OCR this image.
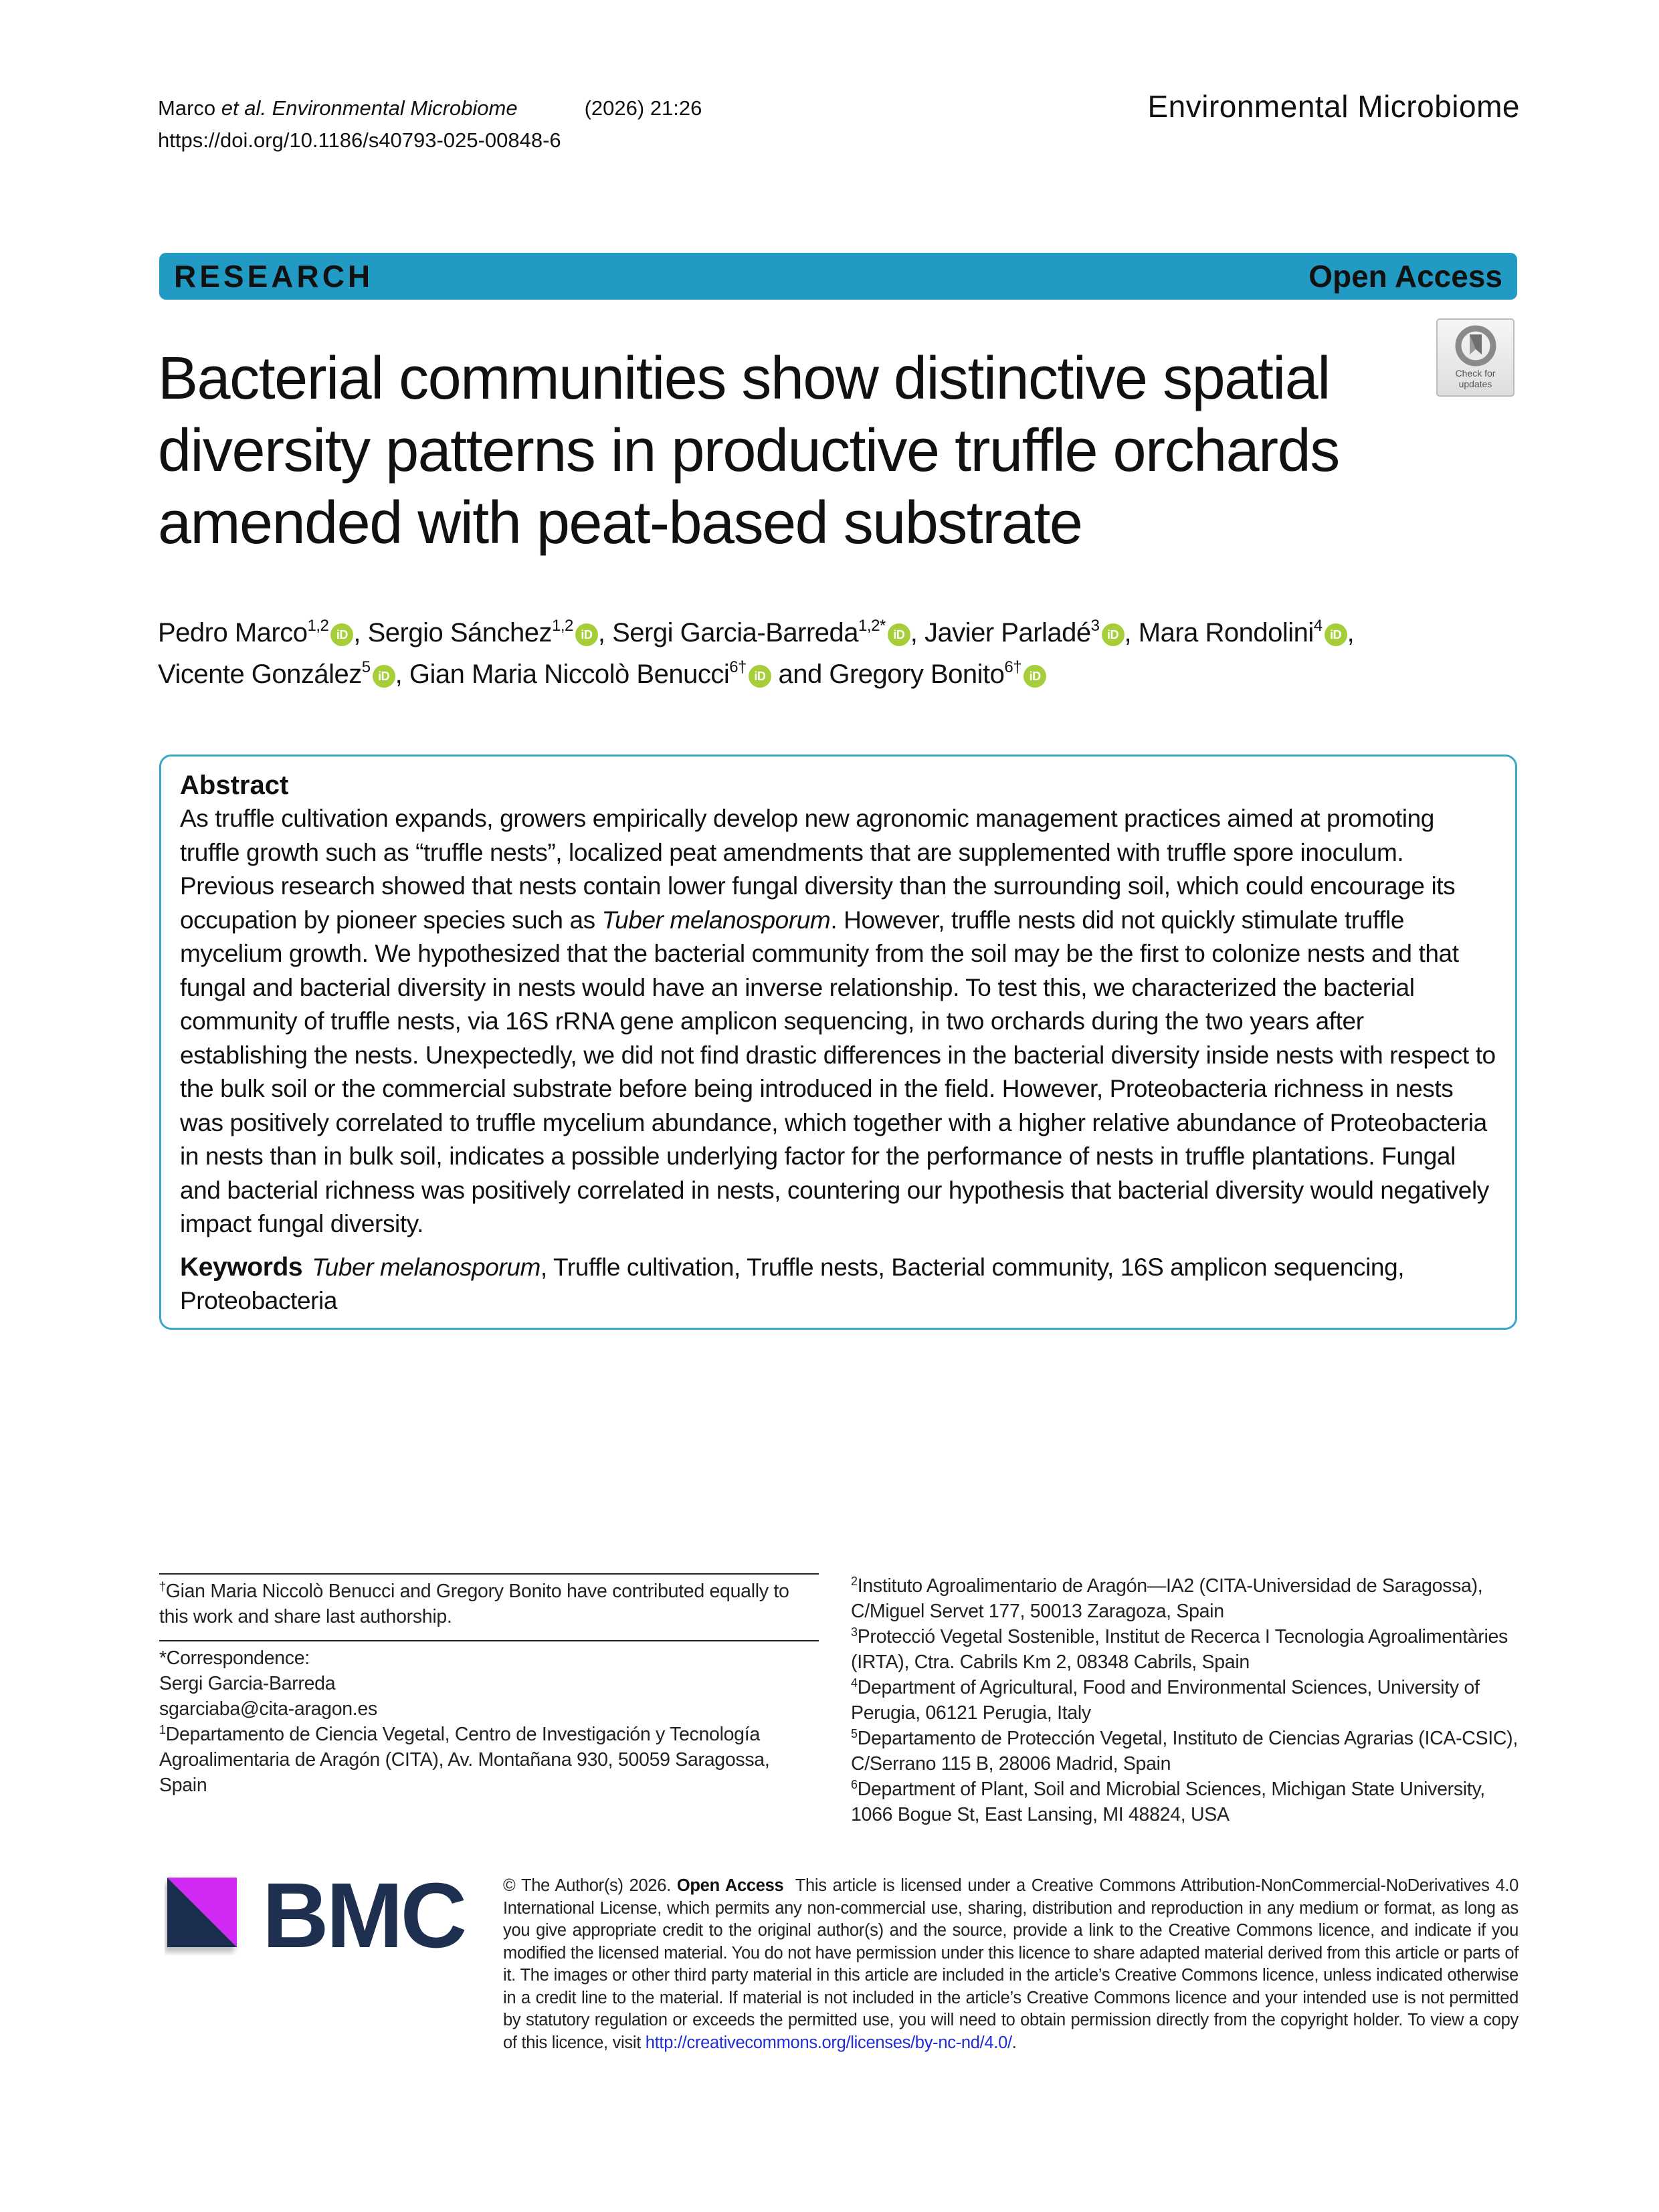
Marco et al. Environmental Microbiome	(2026) 21:26
https://doi.org/10.1186/s40793-025-00848-6
Environmental Microbiome
RESEARCH	Open Access
Check for
updates
Bacterial communities show distinctive spatial diversity patterns in productive truffle orchards amended with peat-based substrate
Pedro Marco$^{1,2}$ iD , Sergio Sánchez$^{1,2}$ iD , Sergi Garcia-Barreda$^{1,2*}$ iD , Javier Parladé$^3$ iD , Mara Rondolini$^4$ iD ,
Vicente González$^5$ iD , Gian Maria Niccolò Benucci$^{6\dagger}$ iD and Gregory Bonito$^{6\dagger}$ iD
Abstract

As truffle cultivation expands, growers empirically develop new agronomic management practices aimed at promoting truffle growth such as “truffle nests”, localized peat amendments that are supplemented with truffle spore inoculum. Previous research showed that nests contain lower fungal diversity than the surrounding soil, which could encourage its occupation by pioneer species such as Tuber melanosporum. However, truffle nests did not quickly stimulate truffle mycelium growth. We hypothesized that the bacterial community from the soil may be the first to colonize nests and that fungal and bacterial diversity in nests would have an inverse relationship. To test this, we characterized the bacterial community of truffle nests, via 16S rRNA gene amplicon sequencing, in two orchards during the two years after establishing the nests. Unexpectedly, we did not find drastic differences in the bacterial diversity inside nests with respect to the bulk soil or the commercial substrate before being introduced in the field. However, Proteobacteria richness in nests was positively correlated to truffle mycelium abundance, which together with a higher relative abundance of Proteobacteria in nests than in bulk soil, indicates a possible underlying factor for the performance of nests in truffle plantations. Fungal and bacterial richness was positively correlated in nests, countering our hypothesis that bacterial diversity would negatively impact fungal diversity.

Keywords Tuber melanosporum, Truffle cultivation, Truffle nests, Bacterial community, 16S amplicon sequencing, Proteobacteria
†Gian Maria Niccolò Benucci and Gregory Bonito have contributed equally to this work and share last authorship.
*Correspondence:
Sergi Garcia-Barreda
sgarciaba@cita-aragon.es
$^1$Departamento de Ciencia Vegetal, Centro de Investigación y Tecnología Agroalimentaria de Aragón (CITA), Av. Montañana 930, 50059 Saragossa, Spain
$^2$Instituto Agroalimentario de Aragón—IA2 (CITA-Universidad de Saragossa), C/Miguel Servet 177, 50013 Zaragoza, Spain
$^3$Protecció Vegetal Sostenible, Institut de Recerca I Tecnologia Agroalimentàries (IRTA), Ctra. Cabrils Km 2, 08348 Cabrils, Spain
$^4$Department of Agricultural, Food and Environmental Sciences, University of Perugia, 06121 Perugia, Italy
$^5$Departamento de Protección Vegetal, Instituto de Ciencias Agrarias (ICA-CSIC), C/Serrano 115 B, 28006 Madrid, Spain
$^6$Department of Plant, Soil and Microbial Sciences, Michigan State University, 1066 Bogue St, East Lansing, MI 48824, USA
BMC © The Author(s) 2026. Open Access This article is licensed under a Creative Commons Attribution-NonCommercial-NoDerivatives 4.0 International License, which permits any non-commercial use, sharing, distribution and reproduction in any medium or format, as long as you give appropriate credit to the original author(s) and the source, provide a link to the Creative Commons licence, and indicate if you modified the licensed material. You do not have permission under this licence to share adapted material derived from this article or parts of it. The images or other third party material in this article are included in the article’s Creative Commons licence, unless indicated otherwise in a credit line to the material. If material is not included in the article’s Creative Commons licence and your intended use is not permitted by statutory regulation or exceeds the permitted use, you will need to obtain permission directly from the copyright holder. To view a copy of this licence, visit http://creativecommons.org/licenses/by-nc-nd/4.0/.
